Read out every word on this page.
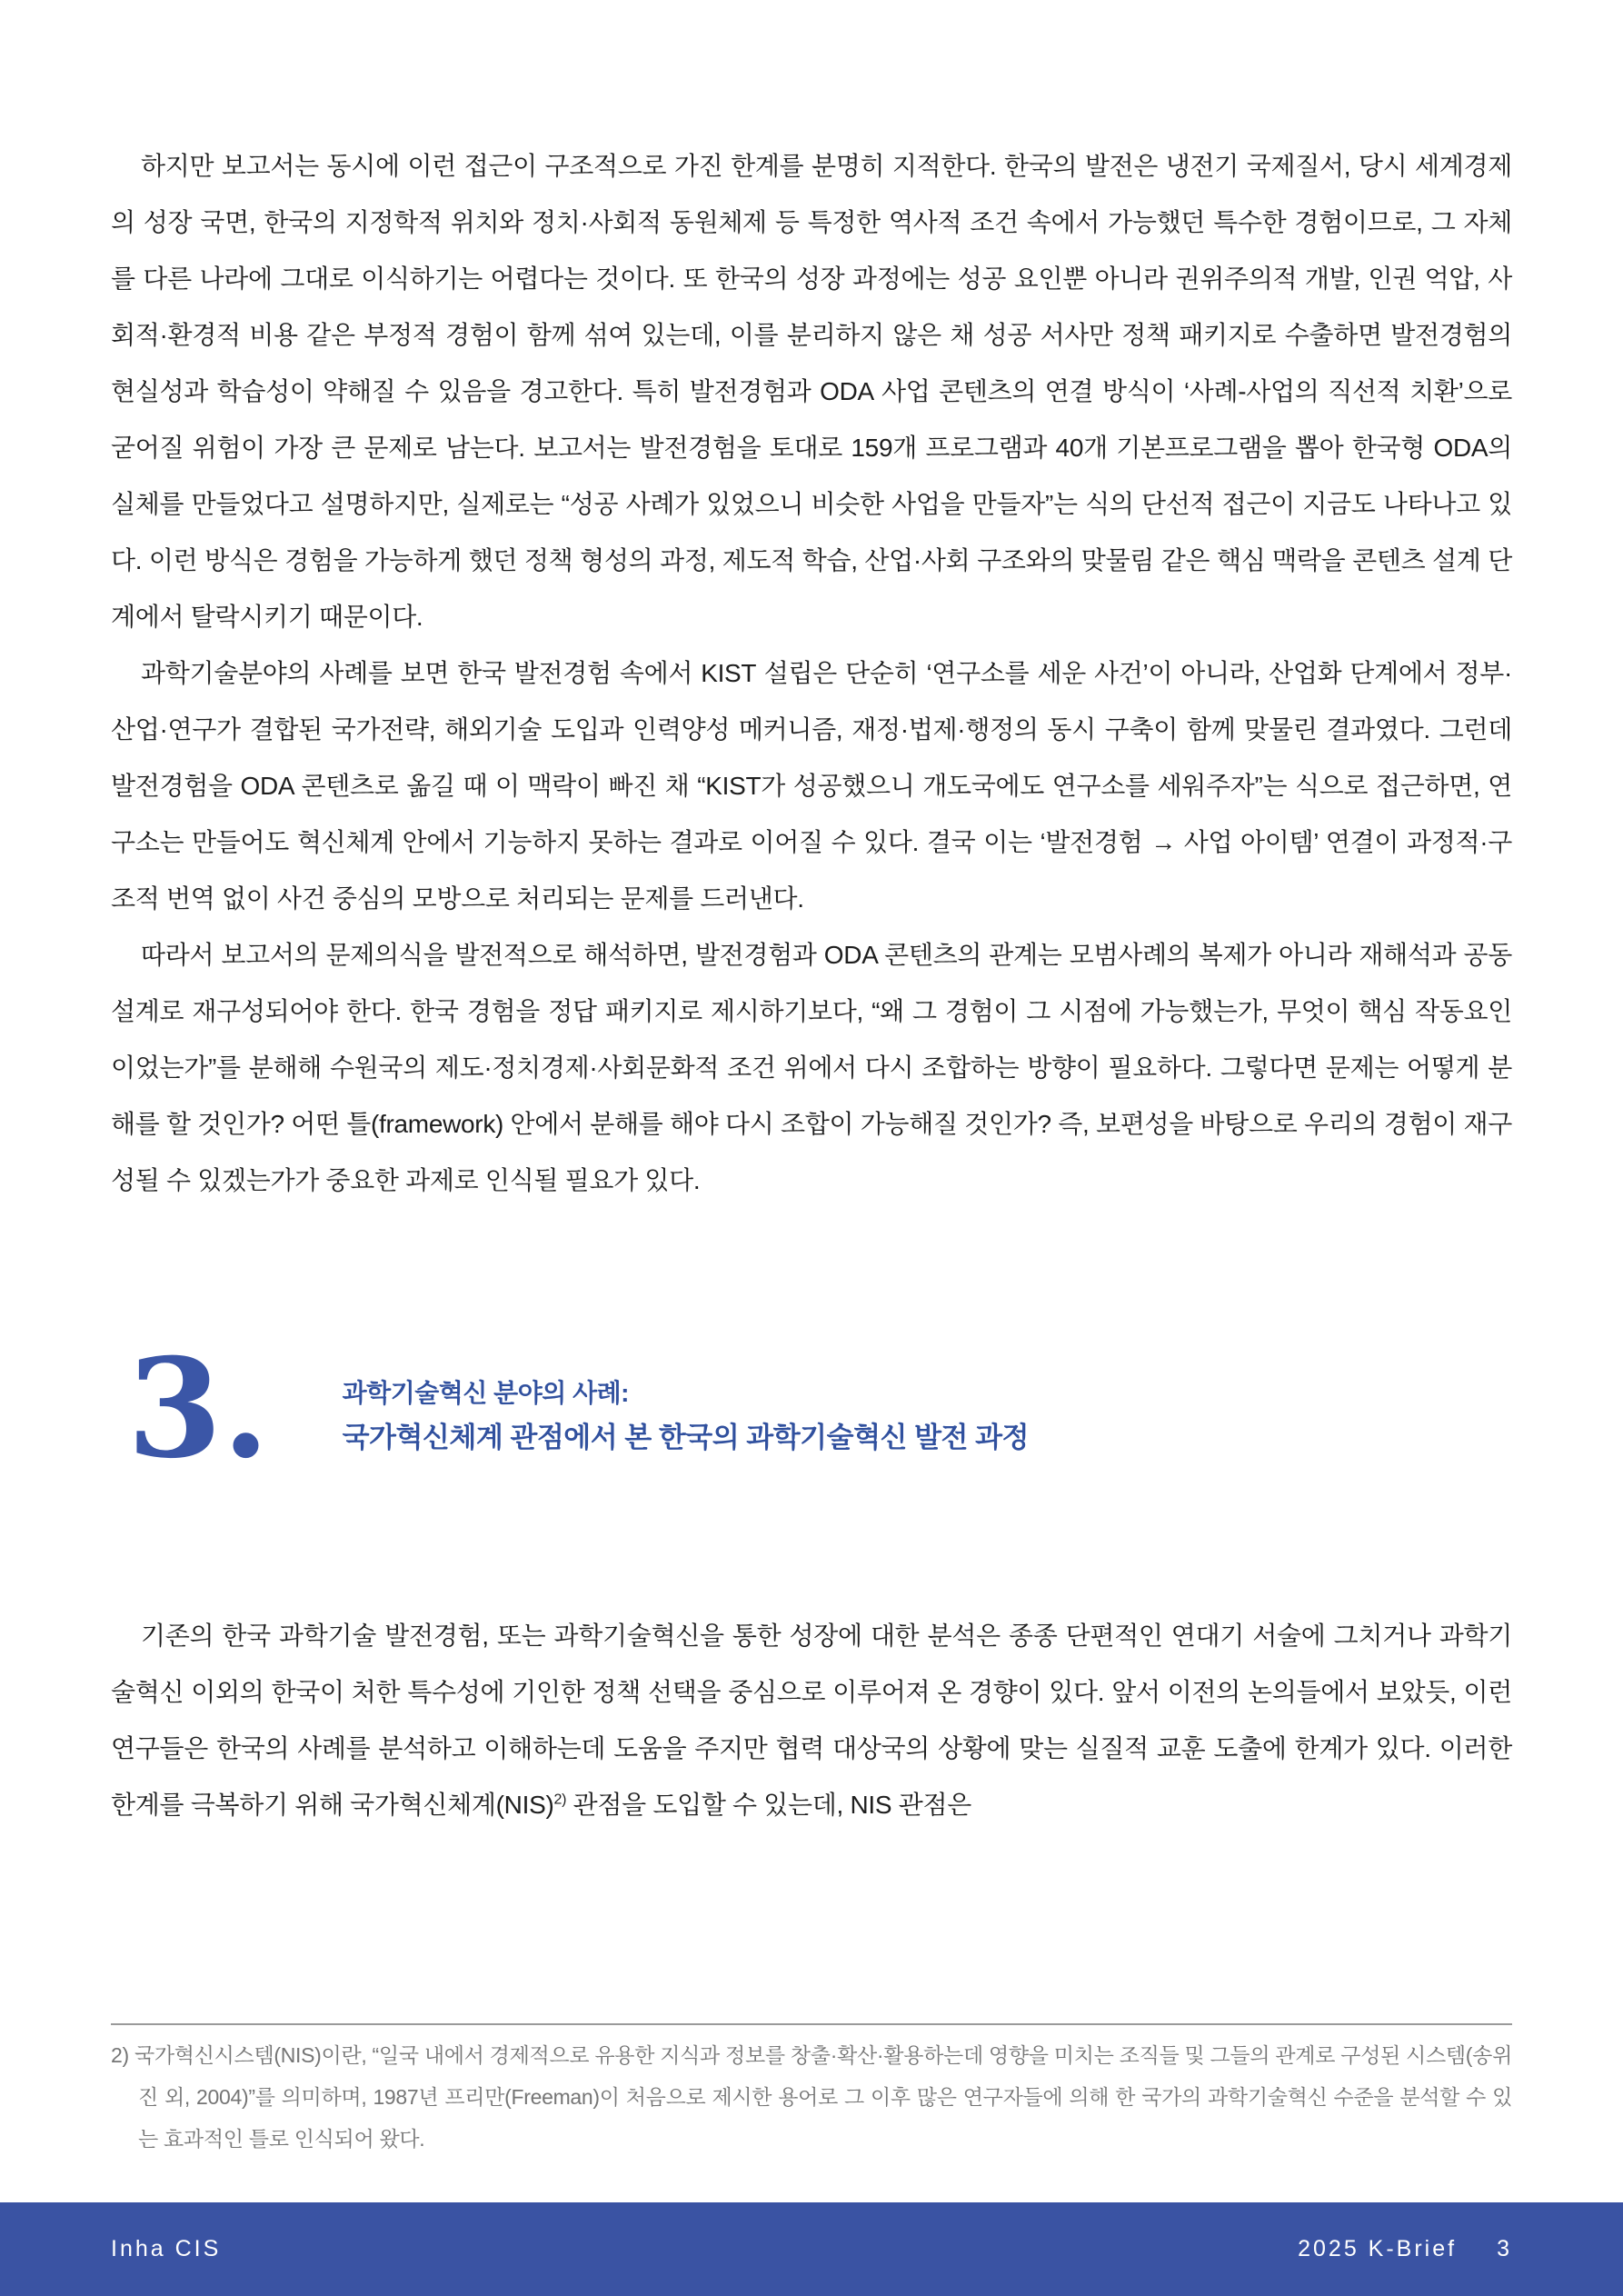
하지만 보고서는 동시에 이런 접근이 구조적으로 가진 한계를 분명히 지적한다. 한국의 발전은 냉전기 국제질서, 당시 세계경제의 성장 국면, 한국의 지정학적 위치와 정치·사회적 동원체제 등 특정한 역사적 조건 속에서 가능했던 특수한 경험이므로, 그 자체를 다른 나라에 그대로 이식하기는 어렵다는 것이다. 또 한국의 성장 과정에는 성공 요인뿐 아니라 권위주의적 개발, 인권 억압, 사회적·환경적 비용 같은 부정적 경험이 함께 섞여 있는데, 이를 분리하지 않은 채 성공 서사만 정책 패키지로 수출하면 발전경험의 현실성과 학습성이 약해질 수 있음을 경고한다. 특히 발전경험과 ODA 사업 콘텐츠의 연결 방식이 ‘사례-사업의 직선적 치환’으로 굳어질 위험이 가장 큰 문제로 남는다. 보고서는 발전경험을 토대로 159개 프로그램과 40개 기본프로그램을 뽑아 한국형 ODA의 실체를 만들었다고 설명하지만, 실제로는 “성공 사례가 있었으니 비슷한 사업을 만들자”는 식의 단선적 접근이 지금도 나타나고 있다. 이런 방식은 경험을 가능하게 했던 정책 형성의 과정, 제도적 학습, 산업·사회 구조와의 맞물림 같은 핵심 맥락을 콘텐츠 설계 단계에서 탈락시키기 때문이다.

과학기술분야의 사례를 보면 한국 발전경험 속에서 KIST 설립은 단순히 ‘연구소를 세운 사건’이 아니라, 산업화 단계에서 정부·산업·연구가 결합된 국가전략, 해외기술 도입과 인력양성 메커니즘, 재정·법제·행정의 동시 구축이 함께 맞물린 결과였다. 그런데 발전경험을 ODA 콘텐츠로 옮길 때 이 맥락이 빠진 채 “KIST가 성공했으니 개도국에도 연구소를 세워주자”는 식으로 접근하면, 연구소는 만들어도 혁신체계 안에서 기능하지 못하는 결과로 이어질 수 있다. 결국 이는 ‘발전경험 → 사업 아이템’ 연결이 과정적·구조적 번역 없이 사건 중심의 모방으로 처리되는 문제를 드러낸다.

따라서 보고서의 문제의식을 발전적으로 해석하면, 발전경험과 ODA 콘텐츠의 관계는 모범사례의 복제가 아니라 재해석과 공동 설계로 재구성되어야 한다. 한국 경험을 정답 패키지로 제시하기보다, “왜 그 경험이 그 시점에 가능했는가, 무엇이 핵심 작동요인이었는가”를 분해해 수원국의 제도·정치경제·사회문화적 조건 위에서 다시 조합하는 방향이 필요하다. 그렇다면 문제는 어떻게 분해를 할 것인가? 어떤 틀(framework) 안에서 분해를 해야 다시 조합이 가능해질 것인가? 즉, 보편성을 바탕으로 우리의 경험이 재구성될 수 있겠는가가 중요한 과제로 인식될 필요가 있다.

3.	과학기술혁신 분야의 사례:
국가혁신체계 관점에서 본 한국의 과학기술혁신 발전 과정

기존의 한국 과학기술 발전경험, 또는 과학기술혁신을 통한 성장에 대한 분석은 종종 단편적인 연대기 서술에 그치거나 과학기술혁신 이외의 한국이 처한 특수성에 기인한 정책 선택을 중심으로 이루어져 온 경향이 있다. 앞서 이전의 논의들에서 보았듯, 이런 연구들은 한국의 사례를 분석하고 이해하는데 도움을 주지만 협력 대상국의 상황에 맞는 실질적 교훈 도출에 한계가 있다. 이러한 한계를 극복하기 위해 국가혁신체계(NIS)$^{2)}$ 관점을 도입할 수 있는데, NIS 관점은

2) 국가혁신시스템(NIS)이란, “일국 내에서 경제적으로 유용한 지식과 정보를 창출·확산·활용하는데 영향을 미치는 조직들 및 그들의 관계로 구성된 시스템(송위진 외, 2004)”를 의미하며, 1987년 프리만(Freeman)이 처음으로 제시한 용어로 그 이후 많은 연구자들에 의해 한 국가의 과학기술혁신 수준을 분석할 수 있는 효과적인 틀로 인식되어 왔다.

Inha CIS	2025 K-Brief 3
